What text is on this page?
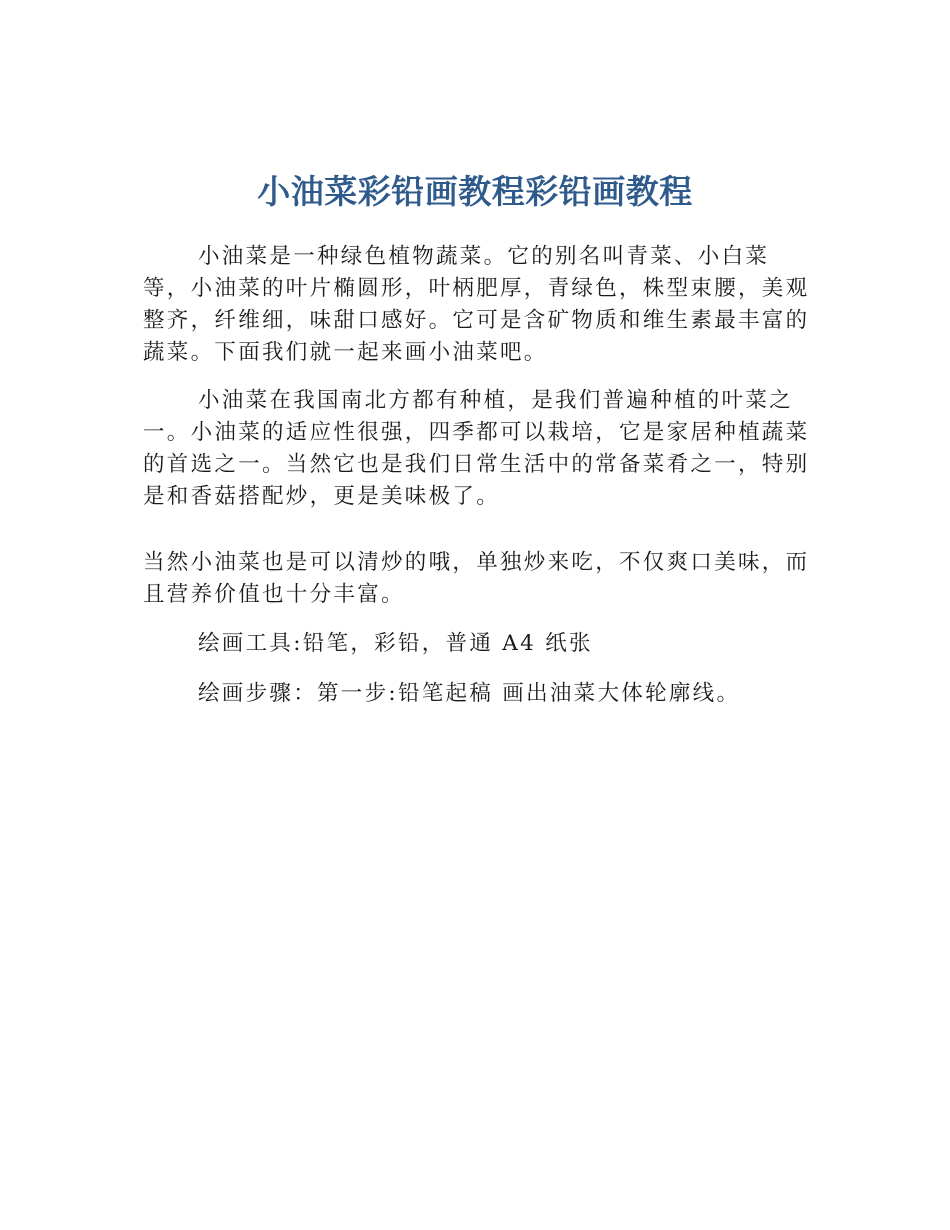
小油菜彩铅画教程彩铅画教程

小油菜是一种绿色植物蔬菜。它的别名叫青菜、小白菜等，小油菜的叶片椭圆形，叶柄肥厚，青绿色，株型束腰，美观整齐，纤维细，味甜口感好。它可是含矿物质和维生素最丰富的蔬菜。下面我们就一起来画小油菜吧。

小油菜在我国南北方都有种植，是我们普遍种植的叶菜之一。小油菜的适应性很强，四季都可以栽培，它是家居种植蔬菜的首选之一。当然它也是我们日常生活中的常备菜肴之一，特别是和香菇搭配炒，更是美味极了。

当然小油菜也是可以清炒的哦，单独炒来吃，不仅爽口美味，而且营养价值也十分丰富。

绘画工具:铅笔，彩铅，普通 A4 纸张

绘画步骤：第一步:铅笔起稿 画出油菜大体轮廓线。
